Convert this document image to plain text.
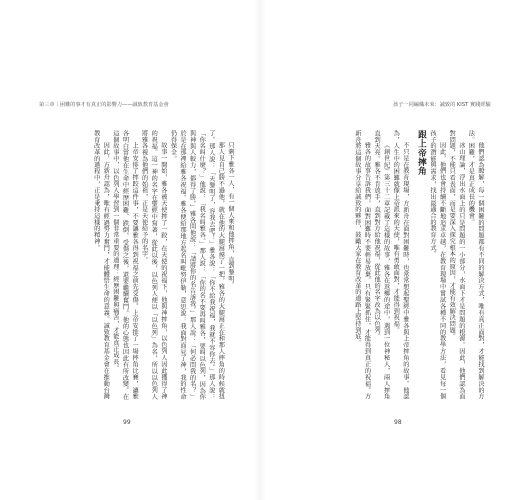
第三章｜困難的事才有真正的影響力——誠致教育基金會

只剩下雅各一人，有一個人來和他摔角，直到黎明。

那人見自己勝不過他，就在他的大腿窩摸了一把，雅各的大腿窩正在和那人摔角的時候就扭了。那人說：「天黎明了，容我去吧！」雅各說：「你不給我祝福，我就不容你去。」那人說：「你名叫什麼？」他說：「我名叫雅各。」那人說：「你的名不要再叫雅各，要叫以色列，因為你與神與人較力，都得了勝。」雅各問他說：「請將你的名告訴我。」那人說：「何必問我的名？」於是在那裡給雅各祝福。雅各便給那地方起名叫毗努伊勒，意思說：我面對面見了神，我的性命仍得保全。

故事一開始，雅各被天使摔了一跤，在天使的祝福下，他與神摔角，以色列人因此獲得了神的祝福。這一神的名字在聖經中寫著，從此以後，以色列人便以「以色列」為名，所以以色列人將雅各視為他們的始祖，正是天使給予的名字。

上帝安排了摔跤這件事，不要讓雅各得到祝福之前先受傷。上帝安排了一場摔角比賽，讓雅各明白當他在生命中經歷困難、跌倒、受傷之後，還要繼續奮鬥。他的心態也因此有所改變。在這個故事中，以色列人學習到一個非常重要的道理：經歷困難與痛苦，才能真正成長。

因此，方新舟認為，唯有經過努力奮鬥，才能體悟生命的意義。誠致教育基金會在推動台灣教育改革的過程中，正是秉持這樣的精神。

99
孩子一同編織未來：誠致的 KIST 實踐經驗

他們認為瞭解，每一個困難的問題都有不同的解決方式，唯有真正面對，才能找到解決的方法。困難，才是真正成長的機會。

冰山理論，浮出水面上的只是問題的一小部分，水面下才是問題的根源。因此，他們認為面對問題，不能只看表面，而是要深入探究根本的原因，才能有效解決問題。

因此，他們也會持續不斷地追求卓越，在教育現場中嘗試各種不同的教學方法，看見每一個孩子的潛能與需求，找出最適合的教育方式。

跟上帝摔角

不只是在教育現場，方新舟在面對困難時，也常常想起聖經中雅各與上帝摔角的故事。他認為，人生中的困難就像上帝派來的天使，唯有勇敢面對，才能得到祝福。

《創世紀》第三十二章記載了這樣的故事，雅各在返鄉的途中，遇到一位神秘人，兩人摔角直到天亮。雅各不肯放手，直到對方給他祝福，從此他的名字改為以色列。

雅各的故事告訴我們，面對困難時不要輕易放棄。只有緊緊抓住，才能得到真正的祝福。方新舟將這個故事分享給誠致的夥伴，鼓勵大家在教育改革的道路上堅持到底。

98
